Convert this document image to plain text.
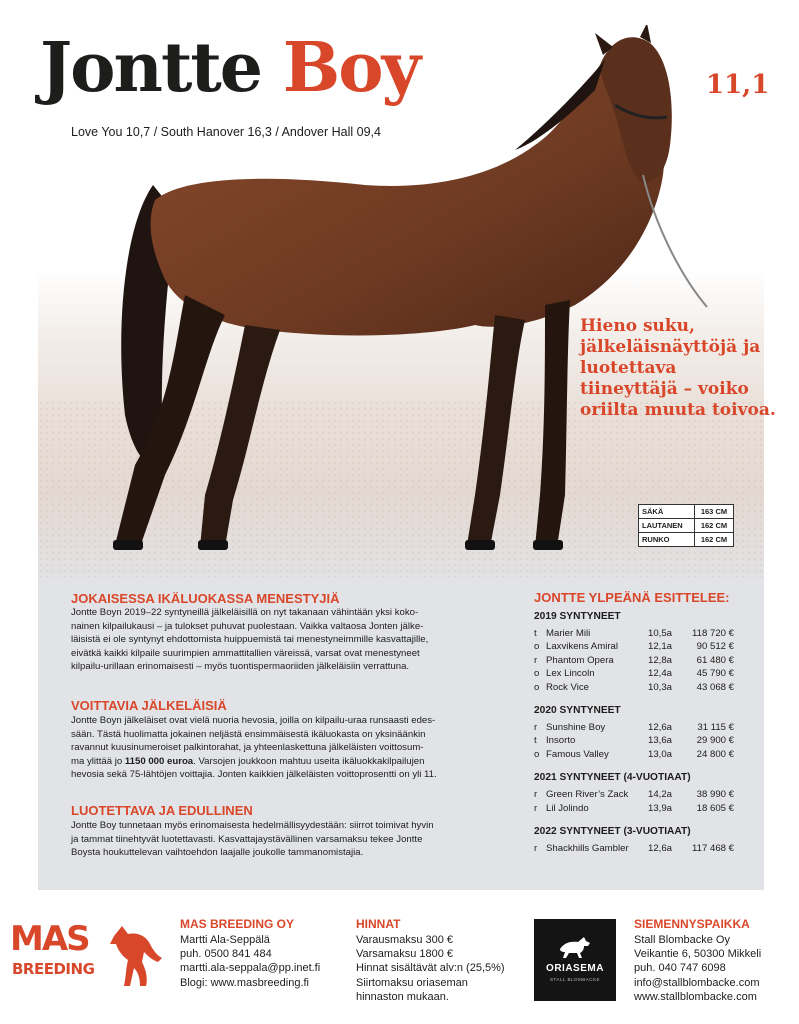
Jontte Boy	11,1
Love You 10,7 / South Hanover 16,3 / Andover Hall 09,4
Hieno suku, jälkeläisnäyttöjä ja luotettava tiineyttäjä – voiko oriilta muuta toivoa.
SÄKÄ	163 CM
LAUTANEN	162 CM
RUNKO	162 CM
JOKAISESSA IKÄLUOKASSA MENESTYJIÄ
Jontte Boyn 2019–22 syntyneillä jälkeläisillä on nyt takanaan vähintään yksi koko-
nainen kilpailukausi – ja tulokset puhuvat puolestaan. Vaikka valtaosa Jonten jälke-
läisistä ei ole syntynyt ehdottomista huippuemistä tai menestyneimmille kasvattajille,
eivätkä kaikki kilpaile suurimpien ammattitallien väreissä, varsat ovat menestyneet
kilpailu-urillaan erinomaisesti – myös tuontispermaoriiden jälkeläisiin verrattuna.
VOITTAVIA JÄLKELÄISIÄ
Jontte Boyn jälkeläiset ovat vielä nuoria hevosia, joilla on kilpailu-uraa runsaasti edes-
sään. Tästä huolimatta jokainen neljästä ensimmäisestä ikäluokasta on yksinäänkin
ravannut kuusinumeroiset palkintorahat, ja yhteenlaskettuna jälkeläisten voittosum-
ma ylittää jo 1150 000 euroa. Varsojen joukkoon mahtuu useita ikäluokkakilpailujen
hevosia sekä 75-lähtöjen voittajia. Jonten kaikkien jälkeläisten voittoprosentti on yli 11.
LUOTETTAVA JA EDULLINEN
Jontte Boy tunnetaan myös erinomaisesta hedelmällisyydestään: siirrot toimivat hyvin
ja tammat tiinehtyvät luotettavasti. Kasvattajaystävällinen varsamaksu tekee Jontte
Boysta houkuttelevan vaihtoehdon laajalle joukolle tammanomistajia.
JONTTE YLPEÄNÄ ESITTELEE:
2019 SYNTYNEET
t Marier Mili	10,5a	118 720 €
o Laxvikens Amiral	12,1a	90 512 €
r Phantom Opera	12,8a	61 480 €
o Lex Lincoln	12,4a	45 790 €
o Rock Vice	10,3a	43 068 €
2020 SYNTYNEET
r Sunshine Boy	12,6a	31 115 €
t Insorto	13,6a	29 900 €
o Famous Valley	13,0a	24 800 €
2021 SYNTYNEET (4-VUOTIAAT)
r Green River’s Zack	14,2a	38 990 €
r Lil Jolindo	13,9a	18 605 €
2022 SYNTYNEET (3-VUOTIAAT)
r Shackhills Gambler	12,6a	117 468 €
MAS
BREEDING
MAS BREEDING OY
Martti Ala-Seppälä
puh. 0500 841 484
martti.ala-seppala@pp.inet.fi
Blogi: www.masbreeding.fi
HINNAT
Varausmaksu 300 €
Varsamaksu 1800 €
Hinnat sisältävät alv:n (25,5%)
Siirtomaksu oriaseman
hinnaston mukaan.
ORIASEMA
STALL BLOMBACKE
SIEMENNYSPAIKKA
Stall Blombacke Oy
Veikantie 6, 50300 Mikkeli
puh. 040 747 6098
info@stallblombacke.com
www.stallblombacke.com
